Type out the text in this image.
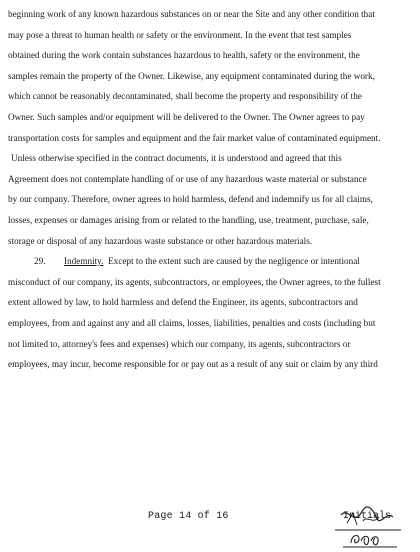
beginning work of any known hazardous substances on or near the Site and any other condition that
may pose a threat to human health or safety or the environment. In the event that test samples
obtained during the work contain substances hazardous to health, safety or the environment, the
samples remain the property of the Owner. Likewise, any equipment contaminated during the work,
which cannot be reasonably decontaminated, shall become the property and responsibility of the
Owner. Such samples and/or equipment will be delivered to the Owner. The Owner agrees to pay
transportation costs for samples and equipment and the fair market value of contaminated equipment.
Unless otherwise specified in the contract documents, it is understood and agreed that this
Agreement does not contemplate handling of or use of any hazardous waste material or substance
by our company. Therefore, owner agrees to hold harmless, defend and indemnify us for all claims,
losses, expenses or damages arising from or related to the handling, use, treatment, purchase, sale,
storage or disposal of any hazardous waste substance or other hazardous materials.
29. Indemnity. Except to the extent such are caused by the negligence or intentional
misconduct of our company, its agents, subcontractors, or employees, the Owner agrees, to the fullest
extent allowed by law, to hold harmless and defend the Engineer, its agents, subcontractors and
employees, from and against any and all claims, losses, liabilities, penalties and costs (including but
not limited to, attorney's fees and expenses) which our company, its agents, subcontractors or
employees, may incur, become responsible for or pay out as a result of any suit or claim by any third
Page 14 of 16	Initials
